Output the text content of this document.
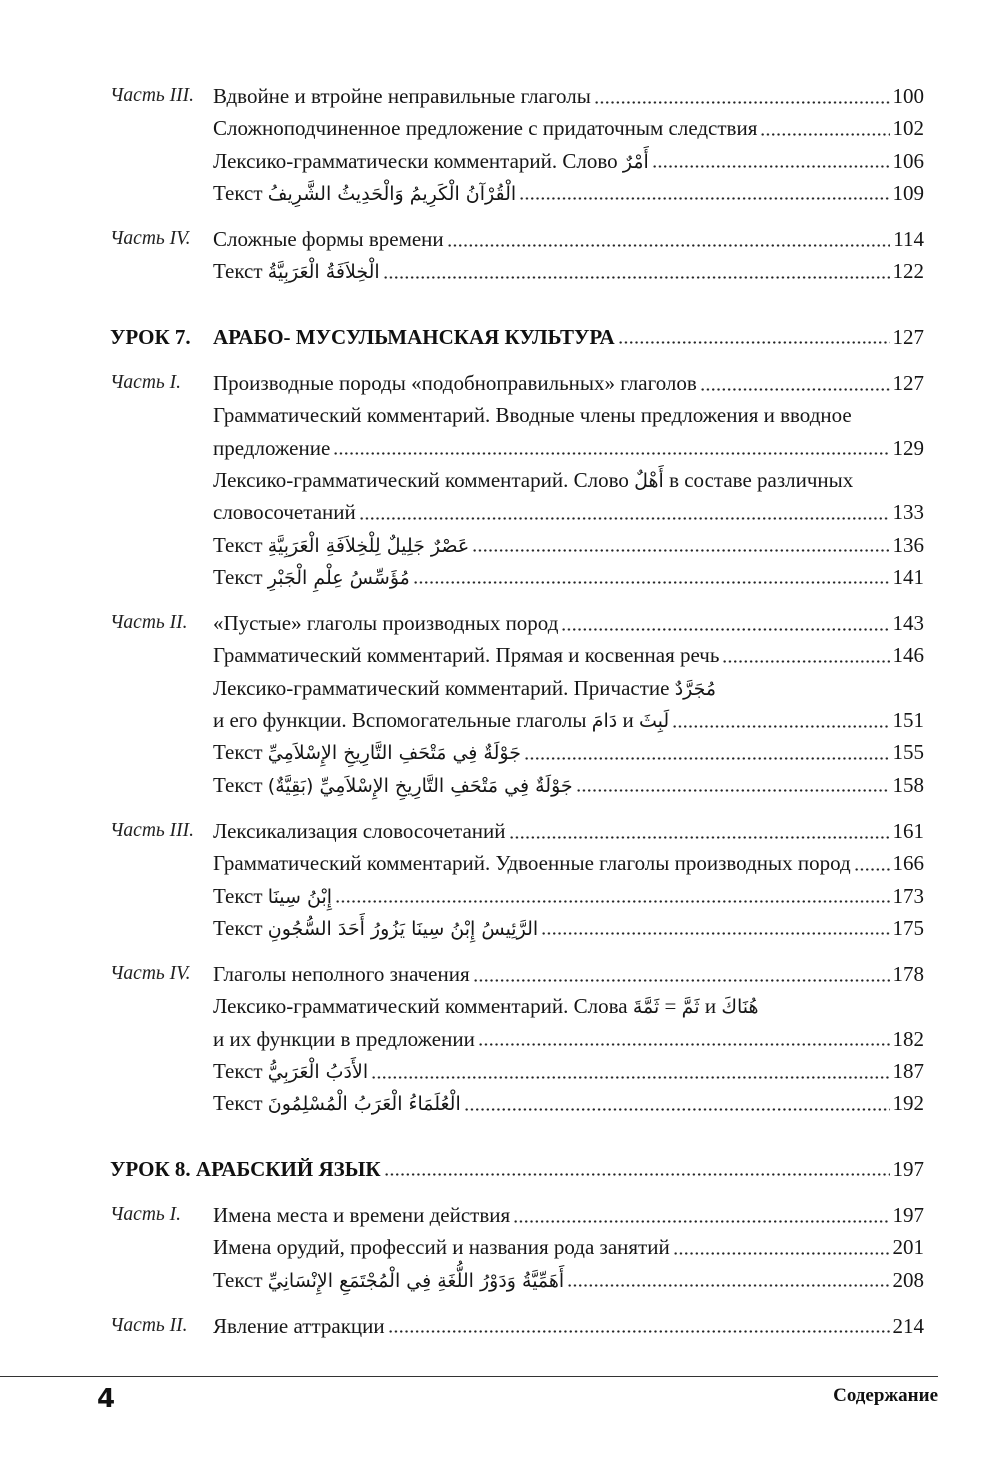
Часть III. Вдвойне и втройне неправильные глаголы	100
Сложноподчиненное предложение с придаточным следствия	102
Лексико-грамматически комментарий. Слово أَمْرٌ	106
Текст الْقُرْآنُ الْكَرِيمُ وَالْحَدِيثُ الشَّرِيفُ	109
Часть IV. Сложные формы времени	114
Текст الْخِلاَفَةُ الْعَرَبِيَّةُ	122
УРОК 7. АРАБО- МУСУЛЬМАНСКАЯ КУЛЬТУРА	127
Часть I. Производные породы «подобноправильных» глаголов	127
Грамматический комментарий. Вводные члены предложения и вводное
предложение	129
Лексико-грамматический комментарий. Слово أَهْلٌ в составе различных
словосочетаний	133
Текст عَصْرٌ جَلِيلٌ لِلْخِلاَفَةِ الْعَرَبِيَّةِ	136
Текст مُؤَسِّسُ عِلْمِ الْجَبْرِ	141
Часть II. «Пустые» глаголы производных пород	143
Грамматический комментарий. Прямая и косвенная речь	146
Лексико-грамматический комментарий. Причастие مُجَرَّدٌ
и его функции. Вспомогательные глаголы دَامَ и لَبِثَ	151
Текст جَوْلَةٌ فِي مَتْحَفِ التَّارِيخِ الإِسْلاَمِيِّ	155
Текст جَوْلَةٌ فِي مَتْحَفِ التَّارِيخِ الإِسْلاَمِيِّ (بَقِيَّةٌ)	158
Часть III. Лексикализация словосочетаний	161
Грамматический комментарий. Удвоенные глаголы производных пород 166
Текст إِبْنُ سِينَا	173
Текст الرَّئِيسُ إِبْنُ سِينَا يَزُورُ أَحَدَ السُّجُونِ	175
Часть IV. Глаголы неполного значения	178
Лексико-грамматический комментарий. Слова ثَمَّةَ = ثَمَّ и هُنَاكَ
и их функции в предложении	182
Текст الأَدَبُ الْعَرَبِيُّ	187
Текст الْعُلَمَاءُ الْعَرَبُ الْمُسْلِمُونَ	192
УРОК 8. АРАБСКИЙ ЯЗЫК	197
Часть I. Имена места и времени действия	197
Имена орудий, профессий и названия рода занятий	201
Текст أَهَمِّيَّةُ وَدَوْرُ اللُّغَةِ فِي الْمُجْتَمَعِ الإِنْسَانِيِّ	208
Часть II. Явление аттракции	214
4	Содержание
